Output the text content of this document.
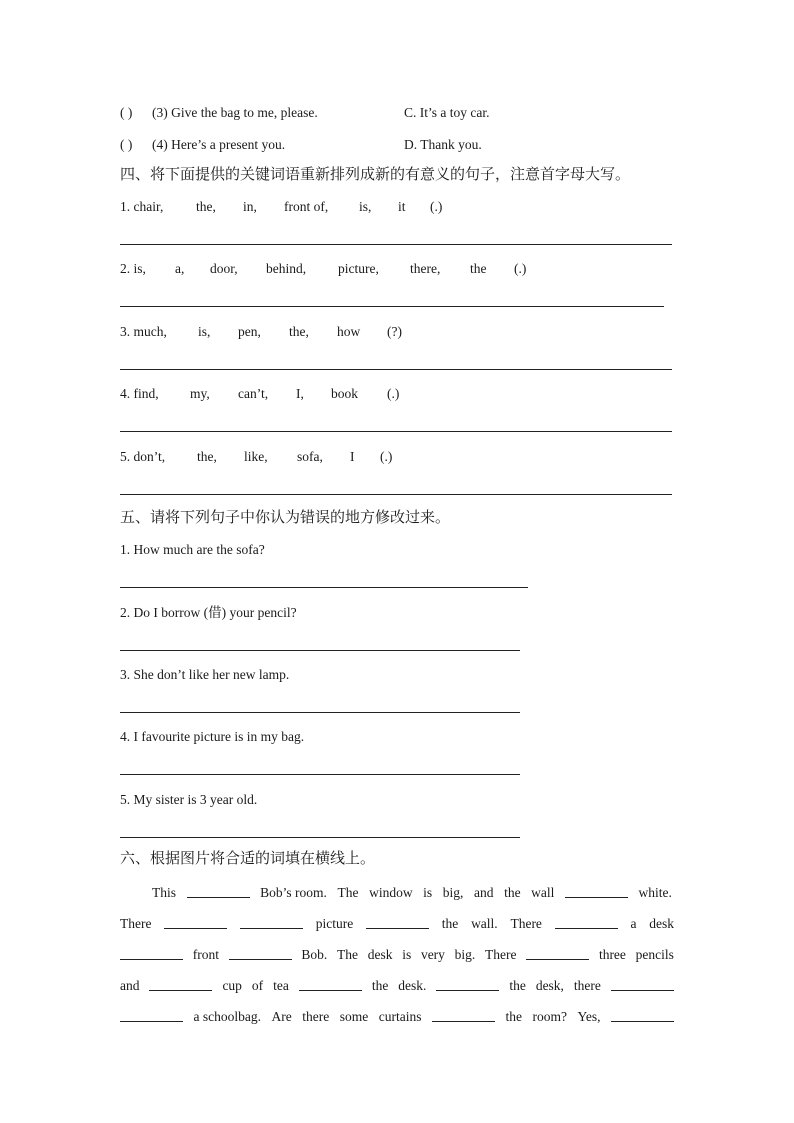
( ) (3) Give the bag to me, please.	C. It’s a toy car.
( ) (4) Here’s a present you.	D. Thank you.
四、将下面提供的关键词语重新排列成新的有意义的句子，注意首字母大写。
1. chair, the, in, front of, is, it (.)
2. is, a, door, behind, picture, there, the (.)
3. much, is, pen, the, how (?)
4. find, my, can’t, I, book (.)
5. don’t, the, like, sofa, I (.)
五、请将下列句子中你认为错误的地方修改过来。
1. How much are the sofa?
2. Do I borrow (借) your pencil?
3. She don’t like her new lamp.
4. I favourite picture is in my bag.
5. My sister is 3 year old.
六、根据图片将合适的词填在横线上。
This	Bob’s room. The window is big, and the wall	white.
There	picture	the wall. There	a desk
front	Bob. The desk is very big. There	three pencils
and	cup of tea	the desk.	the desk, there
a schoolbag. Are there some curtains	the room? Yes,
